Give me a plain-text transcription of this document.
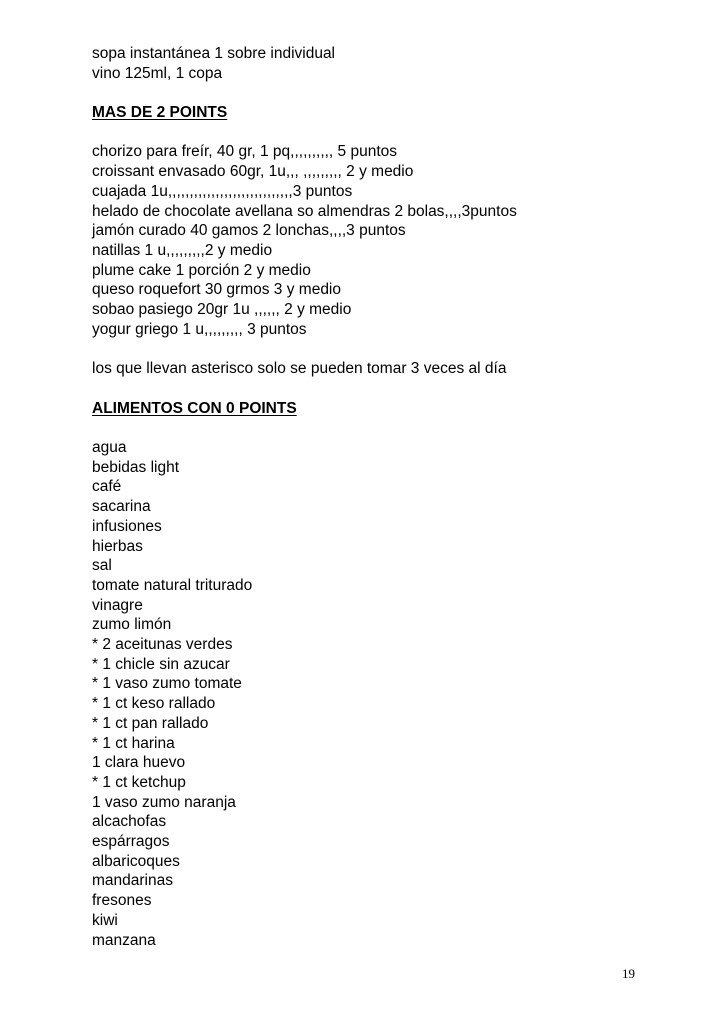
sopa instantánea 1 sobre individual
vino 125ml, 1 copa
MAS DE 2 POINTS
chorizo para freír, 40 gr, 1 pq,,,,,,,,,, 5 puntos
croissant envasado 60gr, 1u,,, ,,,,,,,,, 2 y medio
cuajada 1u,,,,,,,,,,,,,,,,,,,,,,,,,,,,,3 puntos
helado de chocolate avellana so almendras 2 bolas,,,,3puntos
jamón curado 40 gamos 2 lonchas,,,,3 puntos
natillas 1 u,,,,,,,,,2 y medio
plume cake 1 porción 2 y medio
queso roquefort 30 grmos 3 y medio
sobao pasiego 20gr 1u ,,,,,, 2 y medio
yogur griego 1 u,,,,,,,,, 3 puntos
los que llevan asterisco solo se pueden tomar 3 veces al día
ALIMENTOS CON 0 POINTS
agua
bebidas light
café
sacarina
infusiones
hierbas
sal
tomate natural triturado
vinagre
zumo limón
* 2 aceitunas verdes
* 1 chicle sin azucar
* 1 vaso zumo tomate
* 1 ct keso rallado
* 1 ct pan rallado
* 1 ct harina
1 clara huevo
* 1 ct ketchup
1 vaso zumo naranja
alcachofas
espárragos
albaricoques
mandarinas
fresones
kiwi
manzana
19
